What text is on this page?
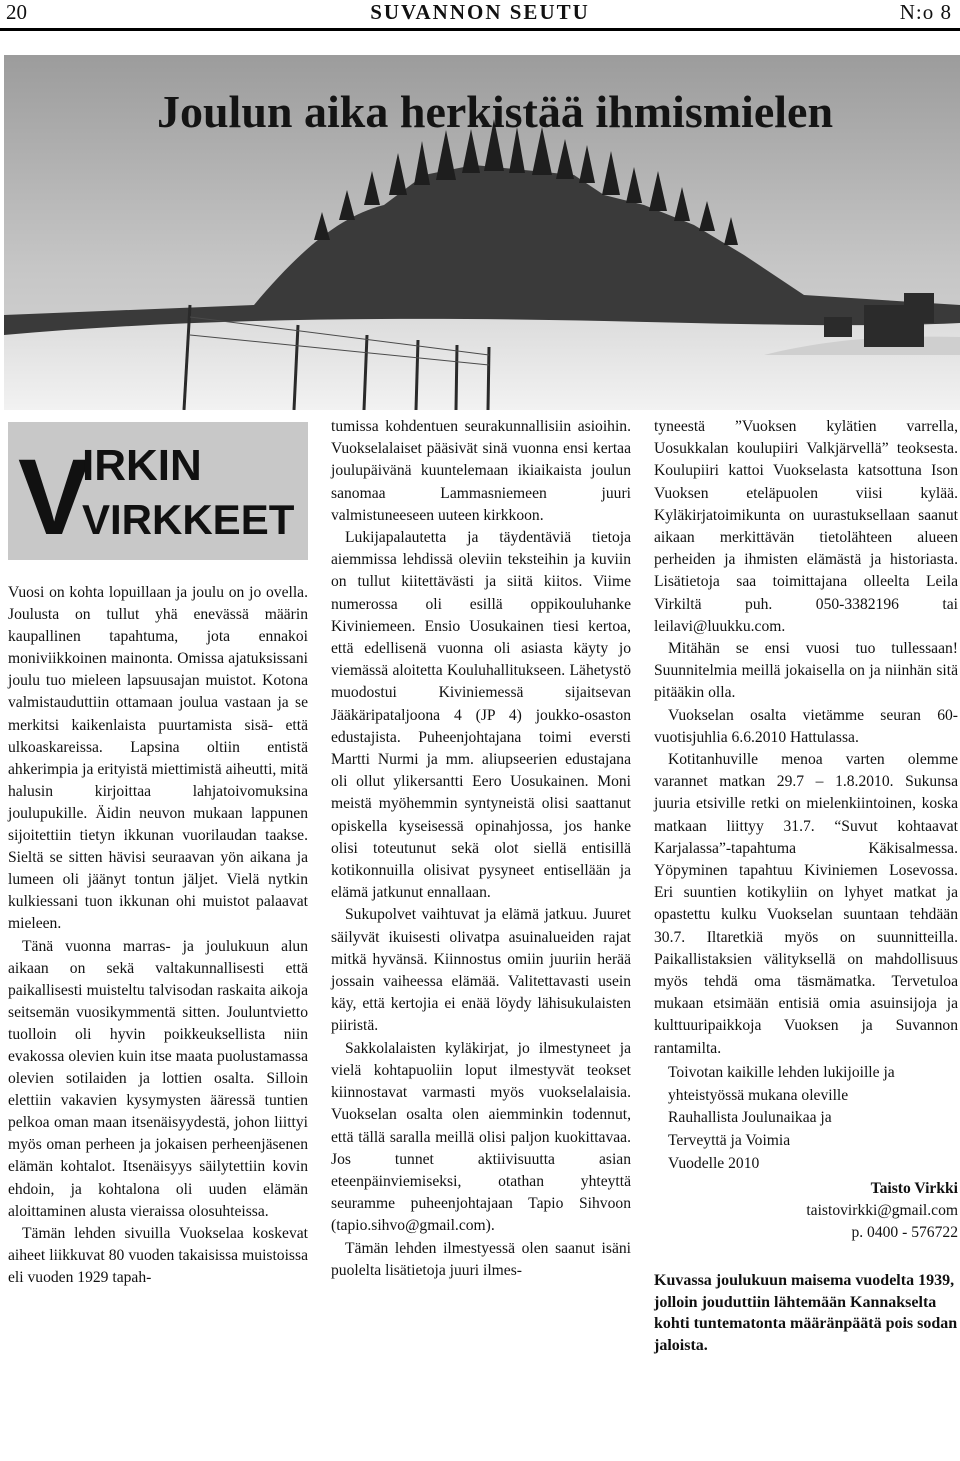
20	SUVANNON SEUTU	N:o 8
Joulun aika herkistää ihmismielen
V
IRKIN
VIRKKEET

Vuosi on kohta lopuillaan ja joulu on jo ovella. Joulusta on tullut yhä enevässä määrin kaupallinen tapahtuma, jota ennakoi moniviikkoinen mainonta. Omissa ajatuksissani joulu tuo mieleen lapsuusajan muistot. Kotona valmistauduttiin ottamaan joulua vastaan ja se merkitsi kaikenlaista puurtamista sisä- että ulkoaskareissa. Lapsina oltiin entistä ahkerimpia ja erityistä miettimistä aiheutti, mitä halusin kirjoittaa lahjatoivomuksina joulupukille. Äidin neuvon mukaan lappunen sijoitettiin tietyn ikkunan vuorilaudan taakse. Sieltä se sitten hävisi seuraavan yön aikana ja lumeen oli jäänyt tontun jäljet. Vielä nytkin kulkiessani tuon ikkunan ohi muistot palaavat mieleen.

Tänä vuonna marras- ja joulukuun alun aikaan on sekä valtakunnallisesti että paikallisesti muisteltu talvisodan raskaita aikoja seitsemän vuosikymmentä sitten. Jouluntvietto tuolloin oli hyvin poikkeuksellista niin evakossa olevien kuin itse maata puolustamassa olevien sotilaiden ja lottien osalta. Silloin elettiin vakavien kysymysten ääressä tuntien pelkoa oman maan itsenäisyydestä, johon liittyi myös oman perheen ja jokaisen perheenjäsenen elämän kohtalot. Itsenäisyys säilytettiin kovin ehdoin, ja kohtalona oli uuden elämän aloittaminen alusta vieraissa olosuhteissa.

Tämän lehden sivuilla Vuokselaa koskevat aiheet liikkuvat 80 vuoden takaisissa muistoissa eli vuoden 1929 tapah-

tumissa kohdentuen seurakunnallisiin asioihin. Vuokselalaiset pääsivät sinä vuonna ensi kertaa joulupäivänä kuuntelemaan ikiaikaista joulun sanomaa Lammasniemeen juuri valmistuneeseen uuteen kirkkoon.

Lukijapalautetta ja täydentäviä tietoja aiemmissa lehdissä oleviin teksteihin ja kuviin on tullut kiitettävästi ja siitä kiitos. Viime numerossa oli esillä oppikouluhanke Kiviniemeen. Ensio Uosukainen tiesi kertoa, että edellisenä vuonna oli asiasta käyty jo viemässä aloitetta Kouluhallitukseen. Lähetystö muodostui Kiviniemessä sijaitsevan Jääkäripataljoona 4 (JP 4) joukko-osaston edustajista. Puheenjohtajana toimi eversti Martti Nurmi ja mm. aliupseerien edustajana oli ollut ylikersantti Eero Uosukainen. Moni meistä myöhemmin syntyneistä olisi saattanut opiskella kyseisessä opinahjossa, jos hanke olisi toteutunut sekä olot siellä entisillä kotikonnuilla olisivat pysyneet entisellään ja elämä jatkunut ennallaan.

Sukupolvet vaihtuvat ja elämä jatkuu. Juuret säilyvät ikuisesti olivatpa asuinalueiden rajat mitkä hyvänsä. Kiinnostus omiin juuriin herää jossain vaiheessa elämää. Valitettavasti usein käy, että kertojia ei enää löydy lähisukulaisten piiristä.

Sakkolalaisten kyläkirjat, jo ilmestyneet ja vielä kohtapuoliin loput ilmestyvät teokset kiinnostavat varmasti myös vuokselalaisia. Vuokselan osalta olen aiemminkin todennut, että tällä saralla meillä olisi paljon kuokittavaa. Jos tunnet aktiivisuutta asian eteenpäinviemiseksi, otathan yhteyttä seuramme puheenjohtajaan Tapio Sihvoon (tapio.sihvo@gmail.com).

Tämän lehden ilmestyessä olen saanut isäni puolelta lisätietoja juuri ilmes-

tyneestä ”Vuoksen kylätien varrella, Uosukkalan koulupiiri Valkjärvellä” teoksesta. Koulupiiri kattoi Vuokselasta katsottuna Ison Vuoksen eteläpuolen viisi kylää. Kyläkirjatoimikunta on uurastuksellaan saanut aikaan merkittävän tietolähteen alueen perheiden ja ihmisten elämästä ja historiasta. Lisätietoja saa toimittajana olleelta Leila Virkiltä puh. 050-3382196 tai leilavi@luukku.com.

Mitähän se ensi vuosi tuo tullessaan! Suunnitelmia meillä jokaisella on ja niinhän sitä pitääkin olla.

Vuokselan osalta vietämme seuran 60-vuotisjuhlia 6.6.2010 Hattulassa.

Kotitanhuville menoa varten olemme varannet matkan 29.7 – 1.8.2010. Sukunsa juuria etsiville retki on mielenkiintoinen, koska matkaan liittyy 31.7. “Suvut kohtaavat Karjalassa”-tapahtuma Käkisalmessa. Yöpyminen tapahtuu Kiviniemen Losevossa. Eri suuntien kotikyliin on lyhyet matkat ja opastettu kulku Vuokselan suuntaan tehdään 30.7. Iltaretkiä myös on suunnitteilla. Paikallistaksien välityksellä on mahdollisuus myös tehdä oma täsmämatka. Tervetuloa mukaan etsimään entisiä omia asuinsijoja ja kulttuuripaikkoja Vuoksen ja Suvannon rantamilta.

Toivotan kaikille lehden lukijoille ja
yhteistyössä mukana oleville
Rauhallista Joulunaikaa ja
Terveyttä ja Voimia
Vuodelle 2010

Taisto Virkki

taistovirkki@gmail.com

p. 0400 - 576722

Kuvassa joulukuun maisema vuodelta 1939, jolloin jouduttiin lähtemään Kannakselta kohti tuntematonta määränpäätä pois sodan jaloista.
